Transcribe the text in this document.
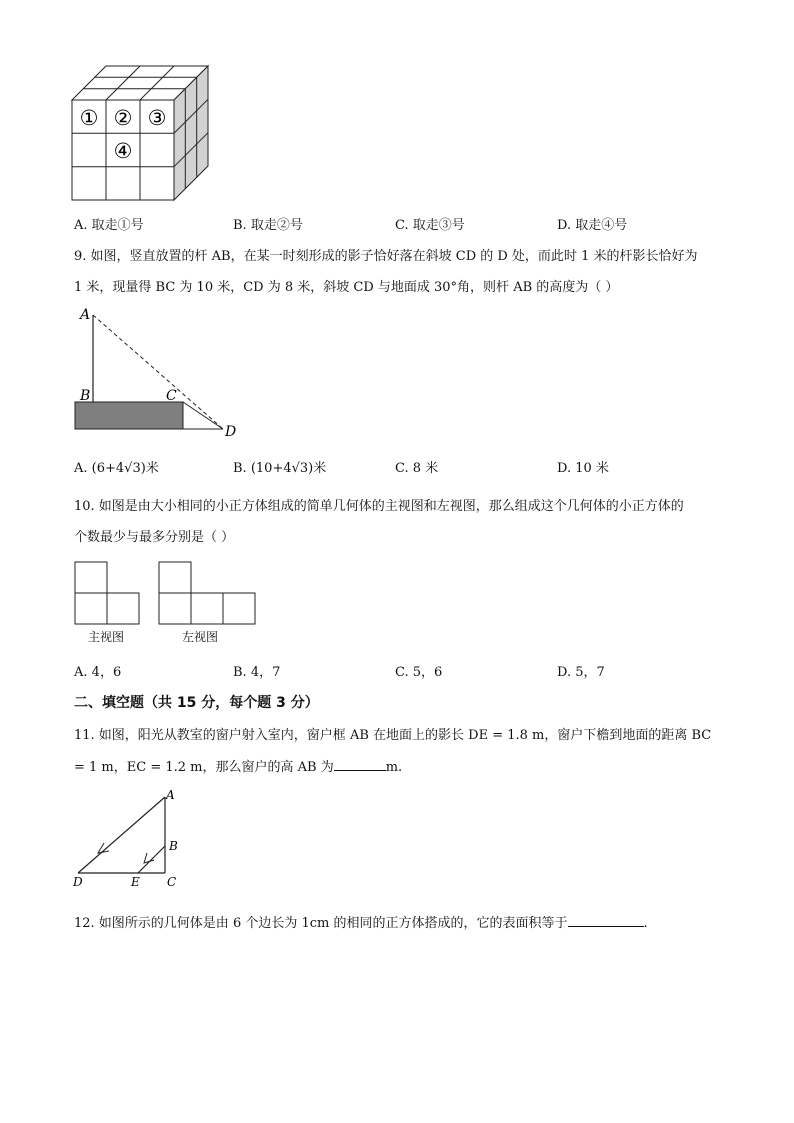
① ② ③
④
A. 取走①号	B. 取走②号	C. 取走③号	D. 取走④号
9. 如图，竖直放置的杆 AB，在某一时刻形成的影子恰好落在斜坡 CD 的 D 处，而此时 1 米的杆影长恰好为
1 米，现量得 BC 为 10 米，CD 为 8 米，斜坡 CD 与地面成 30°角，则杆 AB 的高度为（ ）
A
B	C
D
A. (6+4√3)米	B. (10+4√3)米	C. 8 米	D. 10 米
10. 如图是由大小相同的小正方体组成的简单几何体的主视图和左视图，那么组成这个几何体的小正方体的
个数最少与最多分别是（ ）
主视图	左视图
A. 4，6	B. 4，7	C. 5，6	D. 5，7
二、填空题（共 15 分，每个题 3 分）
11. 如图，阳光从教室的窗户射入室内，窗户框 AB 在地面上的影长 DE = 1.8 m，窗户下檐到地面的距离 BC
= 1 m，EC = 1.2 m，那么窗户的高 AB 为	m.
A
B
C
D	E
12. 如图所示的几何体是由 6 个边长为 1cm 的相同的正方体搭成的，它的表面积等于	.
